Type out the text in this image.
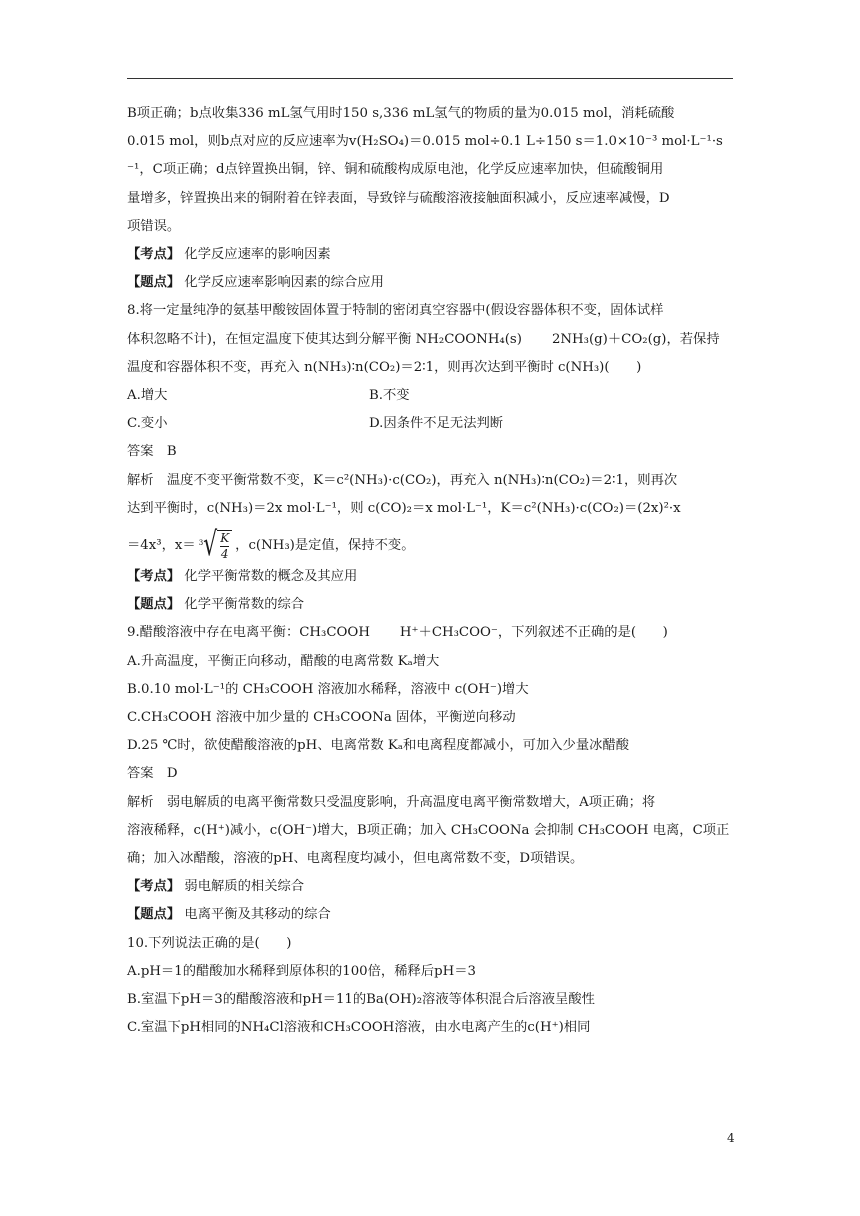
B项正确；b点收集336 mL氢气用时150 s,336 mL氢气的物质的量为0.015 mol，消耗硫酸

0.015 mol，则b点对应的反应速率为v(H₂SO₄)＝0.015 mol÷0.1 L÷150 s＝1.0×10⁻³ mol·L⁻¹·s

⁻¹，C项正确；d点锌置换出铜，锌、铜和硫酸构成原电池，化学反应速率加快，但硫酸铜用

量增多，锌置换出来的铜附着在锌表面，导致锌与硫酸溶液接触面积减小，反应速率减慢，D

项错误。

【考点】 化学反应速率的影响因素

【题点】 化学反应速率影响因素的综合应用

8.将一定量纯净的氨基甲酸铵固体置于特制的密闭真空容器中(假设容器体积不变，固体试样

体积忽略不计)，在恒定温度下使其达到分解平衡 NH₂COONH₄(s) 2NH₃(g)＋CO₂(g)，若保持

温度和容器体积不变，再充入 n(NH₃)∶n(CO₂)＝2∶1，则再次达到平衡时 c(NH₃)(　　)

A.增大	B.不变
C.变小	D.因条件不足无法判断

答案　B

解析　温度不变平衡常数不变，K＝c²(NH₃)·c(CO₂)，再充入 n(NH₃)∶n(CO₂)＝2∶1，则再次

达到平衡时，c(NH₃)＝2x mol·L⁻¹，则 c(CO)₂＝x mol·L⁻¹，K＝c²(NH₃)·c(CO₂)＝(2x)²·x

＝4x³，x＝ 3 √ $\frac{K}{4}$ ，c(NH₃)是定值，保持不变。

【考点】 化学平衡常数的概念及其应用

【题点】 化学平衡常数的综合

9.醋酸溶液中存在电离平衡：CH₃COOH H⁺＋CH₃COO⁻，下列叙述不正确的是(　　)

A.升高温度，平衡正向移动，醋酸的电离常数 Kₐ增大

B.0.10 mol·L⁻¹的 CH₃COOH 溶液加水稀释，溶液中 c(OH⁻)增大

C.CH₃COOH 溶液中加少量的 CH₃COONa 固体，平衡逆向移动

D.25 ℃时，欲使醋酸溶液的pH、电离常数 Kₐ和电离程度都减小，可加入少量冰醋酸

答案　D

解析　弱电解质的电离平衡常数只受温度影响，升高温度电离平衡常数增大，A项正确；将

溶液稀释，c(H⁺)减小，c(OH⁻)增大，B项正确；加入 CH₃COONa 会抑制 CH₃COOH 电离，C项正

确；加入冰醋酸，溶液的pH、电离程度均减小，但电离常数不变，D项错误。

【考点】 弱电解质的相关综合

【题点】 电离平衡及其移动的综合

10.下列说法正确的是(　　)

A.pH＝1的醋酸加水稀释到原体积的100倍，稀释后pH＝3

B.室温下pH＝3的醋酸溶液和pH＝11的Ba(OH)₂溶液等体积混合后溶液呈酸性

C.室温下pH相同的NH₄Cl溶液和CH₃COOH溶液，由水电离产生的c(H⁺)相同

4
